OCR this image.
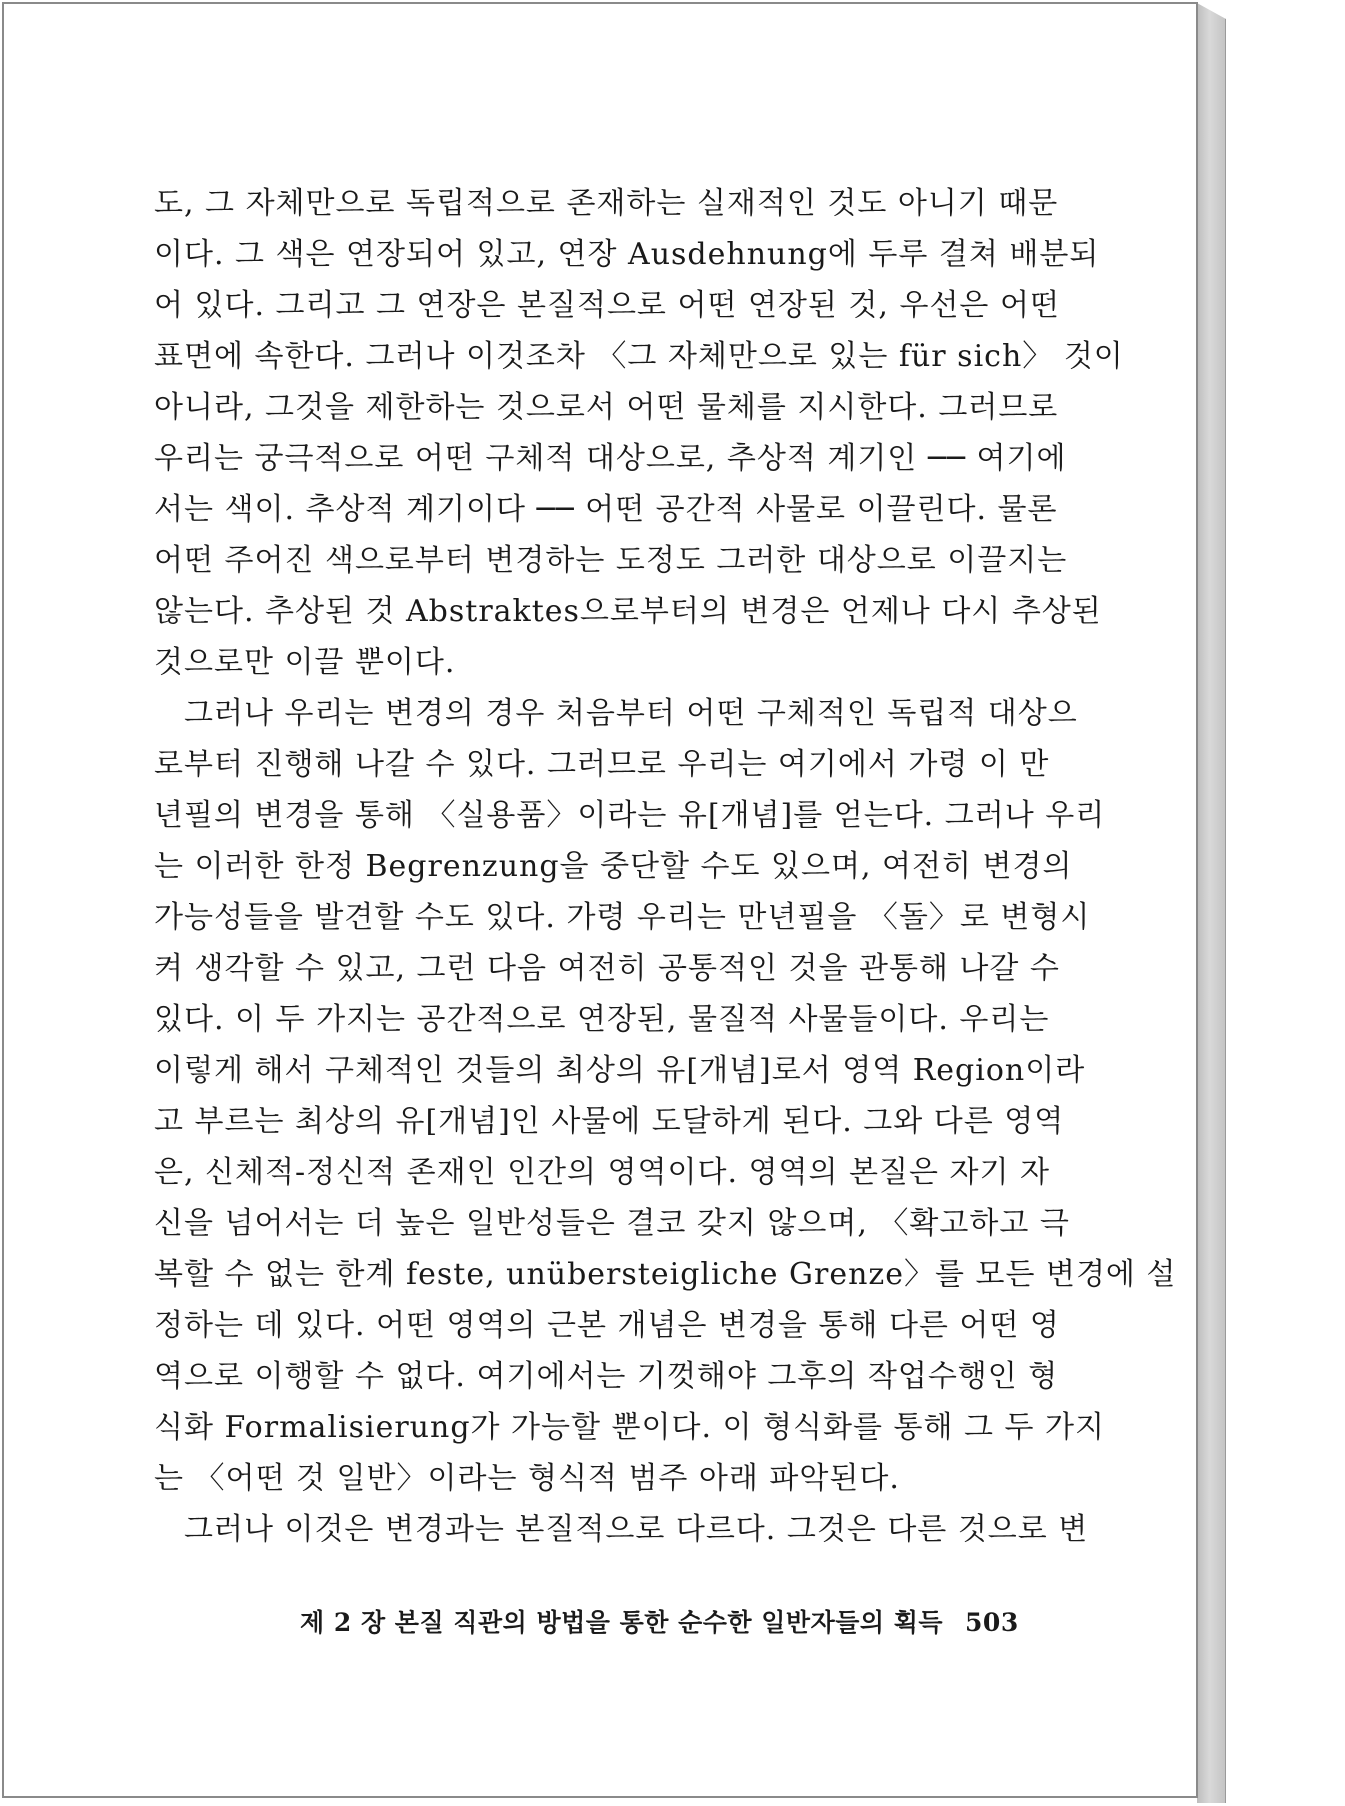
도, 그 자체만으로 독립적으로 존재하는 실재적인 것도 아니기 때문
이다. 그 색은 연장되어 있고, 연장 Ausdehnung에 두루 결쳐 배분되
어 있다. 그리고 그 연장은 본질적으로 어떤 연장된 것, 우선은 어떤
표면에 속한다. 그러나 이것조차 〈그 자체만으로 있는 für sich〉 것이
아니라, 그것을 제한하는 것으로서 어떤 물체를 지시한다. 그러므로
우리는 궁극적으로 어떤 구체적 대상으로, 추상적 계기인 ── 여기에
서는 색이. 추상적 계기이다 ── 어떤 공간적 사물로 이끌린다. 물론
어떤 주어진 색으로부터 변경하는 도정도 그러한 대상으로 이끌지는
않는다. 추상된 것 Abstraktes으로부터의 변경은 언제나 다시 추상된
것으로만 이끌 뿐이다.
그러나 우리는 변경의 경우 처음부터 어떤 구체적인 독립적 대상으
로부터 진행해 나갈 수 있다. 그러므로 우리는 여기에서 가령 이 만
년필의 변경을 통해 〈실용품〉이라는 유[개념]를 얻는다. 그러나 우리
는 이러한 한정 Begrenzung을 중단할 수도 있으며, 여전히 변경의
가능성들을 발견할 수도 있다. 가령 우리는 만년필을 〈돌〉로 변형시
켜 생각할 수 있고, 그런 다음 여전히 공통적인 것을 관통해 나갈 수
있다. 이 두 가지는 공간적으로 연장된, 물질적 사물들이다. 우리는
이렇게 해서 구체적인 것들의 최상의 유[개념]로서 영역 Region이라
고 부르는 최상의 유[개념]인 사물에 도달하게 된다. 그와 다른 영역
은, 신체적-정신적 존재인 인간의 영역이다. 영역의 본질은 자기 자
신을 넘어서는 더 높은 일반성들은 결코 갖지 않으며, 〈확고하고 극
복할 수 없는 한계 feste, unübersteigliche Grenze〉를 모든 변경에 설
정하는 데 있다. 어떤 영역의 근본 개념은 변경을 통해 다른 어떤 영
역으로 이행할 수 없다. 여기에서는 기껏해야 그후의 작업수행인 형
식화 Formalisierung가 가능할 뿐이다. 이 형식화를 통해 그 두 가지
는 〈어떤 것 일반〉이라는 형식적 범주 아래 파악된다.
그러나 이것은 변경과는 본질적으로 다르다. 그것은 다른 것으로 변
제 2 장 본질 직관의 방법을 통한 순수한 일반자들의 획득 503
